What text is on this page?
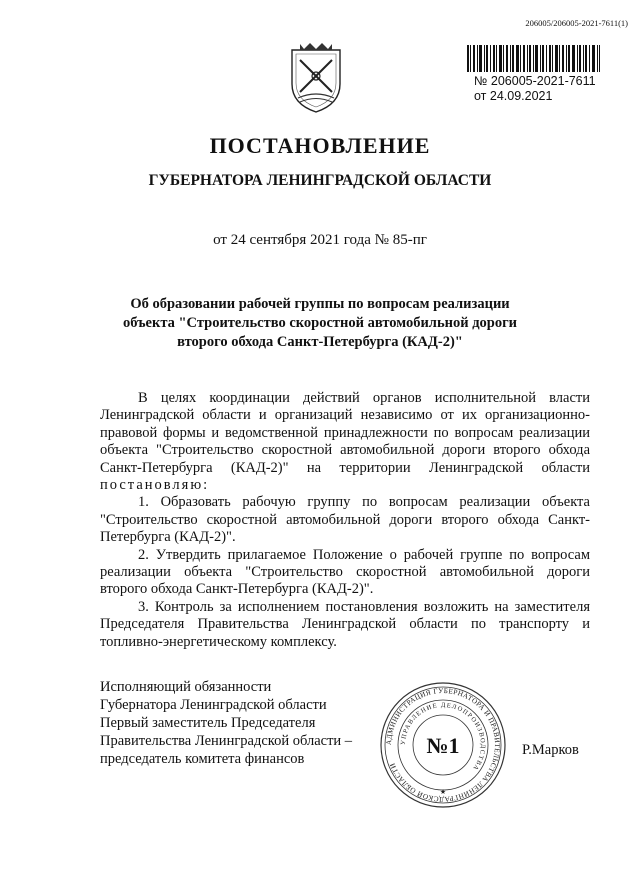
206005/206005-2021-7611(1)
№ 206005-2021-7611
от 24.09.2021
ПОСТАНОВЛЕНИЕ
ГУБЕРНАТОРА ЛЕНИНГРАДСКОЙ ОБЛАСТИ
от 24 сентября 2021 года № 85-пг
Об образовании рабочей группы по вопросам реализации объекта "Строительство скоростной автомобильной дороги второго обхода Санкт-Петербурга (КАД-2)"

В целях координации действий органов исполнительной власти Ленинградской области и организаций независимо от их организационно-правовой формы и ведомственной принадлежности по вопросам реализации объекта "Строительство скоростной автомобильной дороги второго обхода Санкт-Петербурга (КАД-2)" на территории Ленинградской области постановляю:

1. Образовать рабочую группу по вопросам реализации объекта "Строительство скоростной автомобильной дороги второго обхода Санкт-Петербурга (КАД-2)".

2. Утвердить прилагаемое Положение о рабочей группе по вопросам реализации объекта "Строительство скоростной автомобильной дороги второго обхода Санкт-Петербурга (КАД-2)".

3. Контроль за исполнением постановления возложить на заместителя Председателя Правительства Ленинградской области по транспорту и топливно-энергетическому комплексу.

Исполняющий обязанности
Губернатора Ленинградской области
Первый заместитель Председателя
Правительства Ленинградской области –
председатель комитета финансов
АДМИНИСТРАЦИЯ ГУБЕРНАТОРА И ПРАВИТЕЛЬСТВА ЛЕНИНГРАДСКОЙ ОБЛАСТИ
УПРАВЛЕНИЕ ДЕЛОПРОИЗВОДСТВА
№1
★
Р.Марков
